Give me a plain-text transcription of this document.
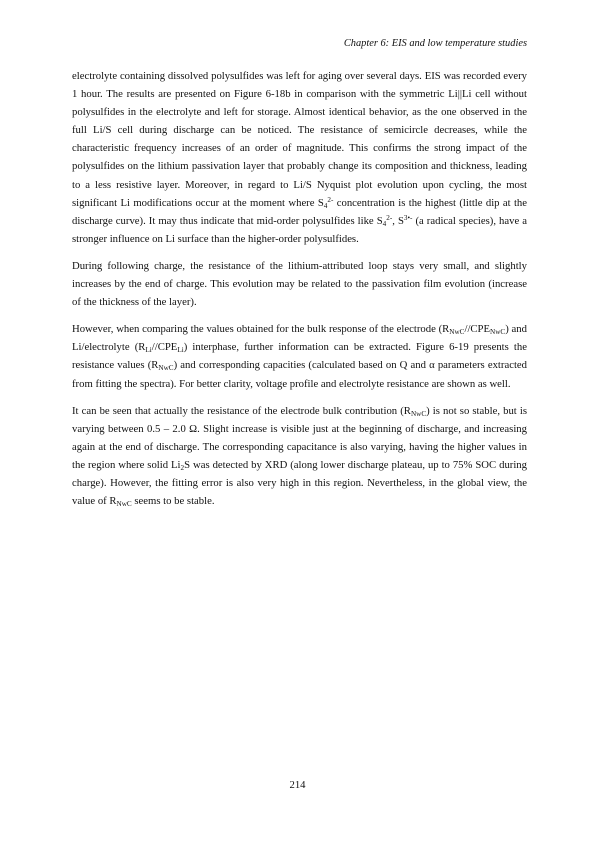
Chapter 6: EIS and low temperature studies

electrolyte containing dissolved polysulfides was left for aging over several days. EIS was recorded every 1 hour. The results are presented on Figure 6-18b in comparison with the symmetric Li||Li cell without polysulfides in the electrolyte and left for storage. Almost identical behavior, as the one observed in the full Li/S cell during discharge can be noticed. The resistance of semicircle decreases, while the characteristic frequency increases of an order of magnitude. This confirms the strong impact of the polysulfides on the lithium passivation layer that probably change its composition and thickness, leading to a less resistive layer. Moreover, in regard to Li/S Nyquist plot evolution upon cycling, the most significant Li modifications occur at the moment where $S_4^{2-}$ concentration is the highest (little dip at the discharge curve). It may thus indicate that mid-order polysulfides like $S_4^{2-}$, $S^{3•-}$ (a radical species), have a stronger influence on Li surface than the higher-order polysulfides.

During following charge, the resistance of the lithium-attributed loop stays very small, and slightly increases by the end of charge. This evolution may be related to the passivation film evolution (increase of the thickness of the layer).

However, when comparing the values obtained for the bulk response of the electrode $(R_{NwC}//CPE_{NwC})$ and Li/electrolyte $(R_{Li}//CPE_{Li})$ interphase, further information can be extracted. Figure 6-19 presents the resistance values $(R_{NwC})$ and corresponding capacities (calculated based on Q and α parameters extracted from fitting the spectra). For better clarity, voltage profile and electrolyte resistance are shown as well.

It can be seen that actually the resistance of the electrode bulk contribution $(R_{NwC})$ is not so stable, but is varying between 0.5 – 2.0 Ω. Slight increase is visible just at the beginning of discharge, and increasing again at the end of discharge. The corresponding capacitance is also varying, having the higher values in the region where solid $Li_2S$ was detected by XRD (along lower discharge plateau, up to 75% SOC during charge). However, the fitting error is also very high in this region. Nevertheless, in the global view, the value of $R_{NwC}$ seems to be stable.

214
